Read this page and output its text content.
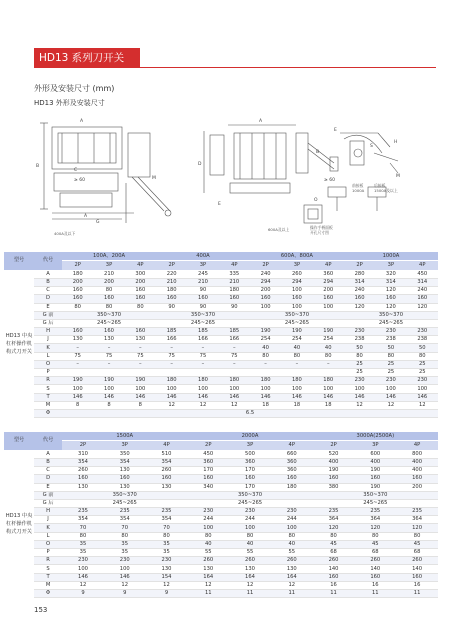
HD13 系列刀开关
外形及安装尺寸 (mm)
HD13 外形及安装尺寸
A
B
C
A
G
M
A
D
E
E
S
H
M
B
O
≥ 60	≥ 60
400A及以下
600A及以上
前接板
1000A
后接板
1500A及以上
操作手柄面板
开孔尺寸图
型号	代号	100A、200A			400A			600A、800A			1000A		
		2P	3P	4P	2P	3P	4P	2P	3P	4P	2P	3P	4P
HD13 中央杠杆操作机构式刀开关	A	180	210	300	220	245	335	240	260	360	280	320	450
	B	200	200	200	210	210	210	294	294	294	314	314	314
	C	160	80	160	180	90	180	200	100	200	240	120	240
	D	160	160	160	160	160	160	160	160	160	160	160	160
	E	80	80	80	90	90	90	100	100	100	120	120	120
	G 前	350~370			350~370			350~370			350~370		
	G 后	245~265			245~265			245~265			245~265		
	H	160	160	160	185	185	185	190	190	190	230	230	230
	J	130	130	130	166	166	166	254	254	254	238	238	238
	K	–	–	–	–	–	–	40	40	40	50	50	50
	L	75	75	75	75	75	75	80	80	80	80	80	80
	O	–	–	–	–	–	–	–	–	–	25	25	25
	P										25	25	25
	R	190	190	190	180	180	180	180	180	180	230	230	230
	S	100	100	100	100	100	100	100	100	100	100	100	100
	T	146	146	146	146	146	146	146	146	146	146	146	146
	M	8	8	8	12	12	12	18	18	18	12	12	12
	Φ	6.5											
型号	代号	1500A			2000A			3000A(2500A)		
		2P	3P	4P	2P	3P	4P	2P	3P	4P
HD13 中央杠杆操作机构式刀开关	A	310	350	510	450	500	660	520	600	800
	B	354	354	354	360	360	360	400	400	400
	C	260	130	260	170	170	360	190	190	400
	D	160	160	160	160	160	160	160	160	160
	E	130	130	130	340	170	180	380	190	200
	G 前	350~370			350~370			350~370		
	G 后	245~265			245~265			245~265		
	H	235	235	235	230	230	230	235	235	235
	J	354	354	354	244	244	244	364	364	364
	K	70	70	70	100	100	100	120	120	120
	L	80	80	80	80	80	80	80	80	80
	O	35	35	35	40	40	40	45	45	45
	P	35	35	35	55	55	55	68	68	68
	R	230	230	230	260	260	260	260	260	260
	S	100	100	130	130	130	130	140	140	140
	T	146	146	154	164	164	164	160	160	160
	M	12	12	12	12	12	12	16	16	16
	Φ	9	9	9	11	11	11	11	11	11
153
